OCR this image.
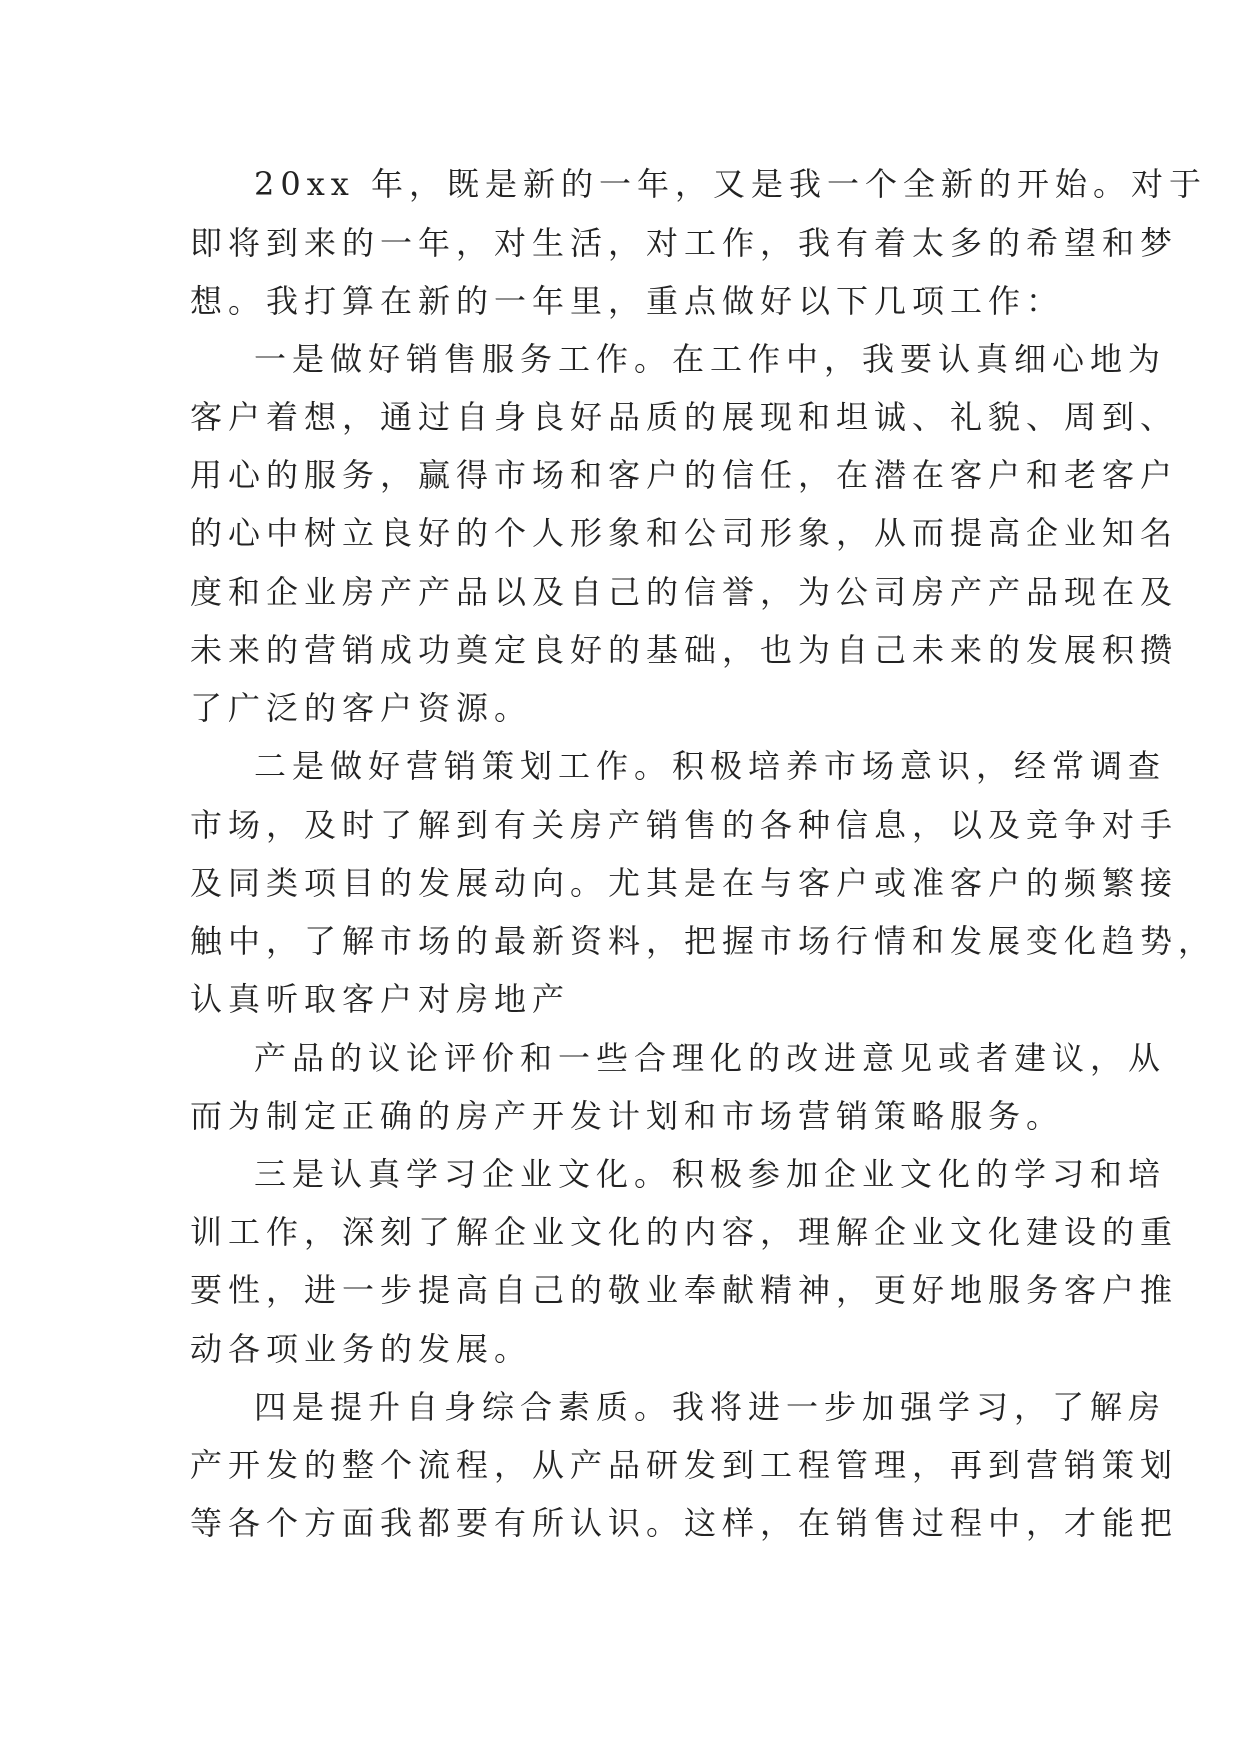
20xx 年，既是新的一年，又是我一个全新的开始。对于
即将到来的一年，对生活，对工作，我有着太多的希望和梦
想。我打算在新的一年里，重点做好以下几项工作：
一是做好销售服务工作。在工作中，我要认真细心地为
客户着想，通过自身良好品质的展现和坦诚、礼貌、周到、
用心的服务，赢得市场和客户的信任，在潜在客户和老客户
的心中树立良好的个人形象和公司形象，从而提高企业知名
度和企业房产产品以及自己的信誉，为公司房产产品现在及
未来的营销成功奠定良好的基础，也为自己未来的发展积攒
了广泛的客户资源。
二是做好营销策划工作。积极培养市场意识，经常调查
市场，及时了解到有关房产销售的各种信息，以及竞争对手
及同类项目的发展动向。尤其是在与客户或准客户的频繁接
触中，了解市场的最新资料，把握市场行情和发展变化趋势，
认真听取客户对房地产
产品的议论评价和一些合理化的改进意见或者建议，从
而为制定正确的房产开发计划和市场营销策略服务。
三是认真学习企业文化。积极参加企业文化的学习和培
训工作，深刻了解企业文化的内容，理解企业文化建设的重
要性，进一步提高自己的敬业奉献精神，更好地服务客户推
动各项业务的发展。
四是提升自身综合素质。我将进一步加强学习，了解房
产开发的整个流程，从产品研发到工程管理，再到营销策划
等各个方面我都要有所认识。这样，在销售过程中，才能把
